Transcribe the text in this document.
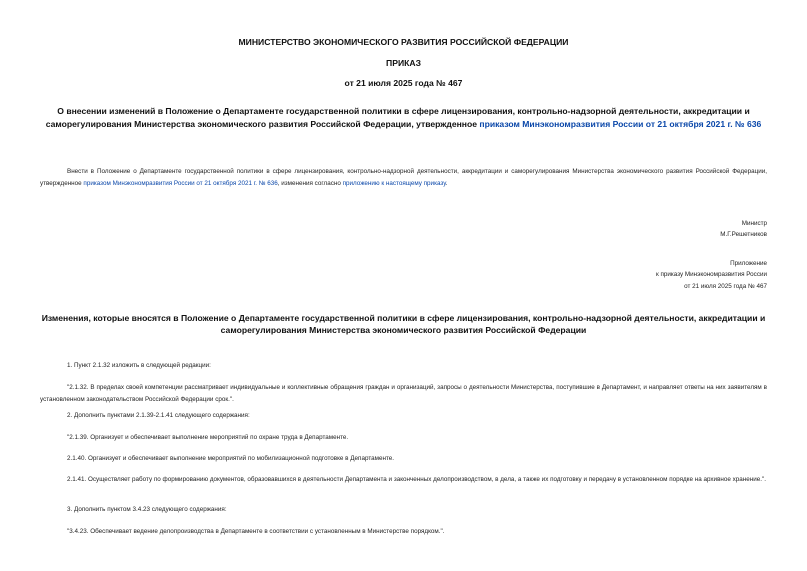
МИНИСТЕРСТВО ЭКОНОМИЧЕСКОГО РАЗВИТИЯ РОССИЙСКОЙ ФЕДЕРАЦИИ
ПРИКАЗ
от 21 июля 2025 года № 467
О внесении изменений в Положение о Департаменте государственной политики в сфере лицензирования, контрольно-надзорной деятельности, аккредитации и саморегулирования Министерства экономического развития Российской Федерации, утвержденное приказом Минэкономразвития России от 21 октября 2021 г. № 636
Внести в Положение о Департаменте государственной политики в сфере лицензирования, контрольно-надзорной деятельности, аккредитации и саморегулирования Министерства экономического развития Российской Федерации, утвержденное приказом Минэкономразвития России от 21 октября 2021 г. № 636, изменения согласно приложению к настоящему приказу.
Министр
М.Г.Решетников
Приложение
к приказу Минэкономразвития России
от 21 июля 2025 года № 467
Изменения, которые вносятся в Положение о Департаменте государственной политики в сфере лицензирования, контрольно-надзорной деятельности, аккредитации и саморегулирования Министерства экономического развития Российской Федерации
1. Пункт 2.1.32 изложить в следующей редакции:
"2.1.32. В пределах своей компетенции рассматривает индивидуальные и коллективные обращения граждан и организаций, запросы о деятельности Министерства, поступившие в Департамент, и направляет ответы на них заявителям в установленном законодательством Российской Федерации срок.".
2. Дополнить пунктами 2.1.39-2.1.41 следующего содержания:
"2.1.39. Организует и обеспечивает выполнение мероприятий по охране труда в Департаменте.
2.1.40. Организует и обеспечивает выполнение мероприятий по мобилизационной подготовке в Департаменте.
2.1.41. Осуществляет работу по формированию документов, образовавшихся в деятельности Департамента и законченных делопроизводством, в дела, а также их подготовку и передачу в установленном порядке на архивное хранение.".
3. Дополнить пунктом 3.4.23 следующего содержания:
"3.4.23. Обеспечивает ведение делопроизводства в Департаменте в соответствии с установленным в Министерстве порядком.".
